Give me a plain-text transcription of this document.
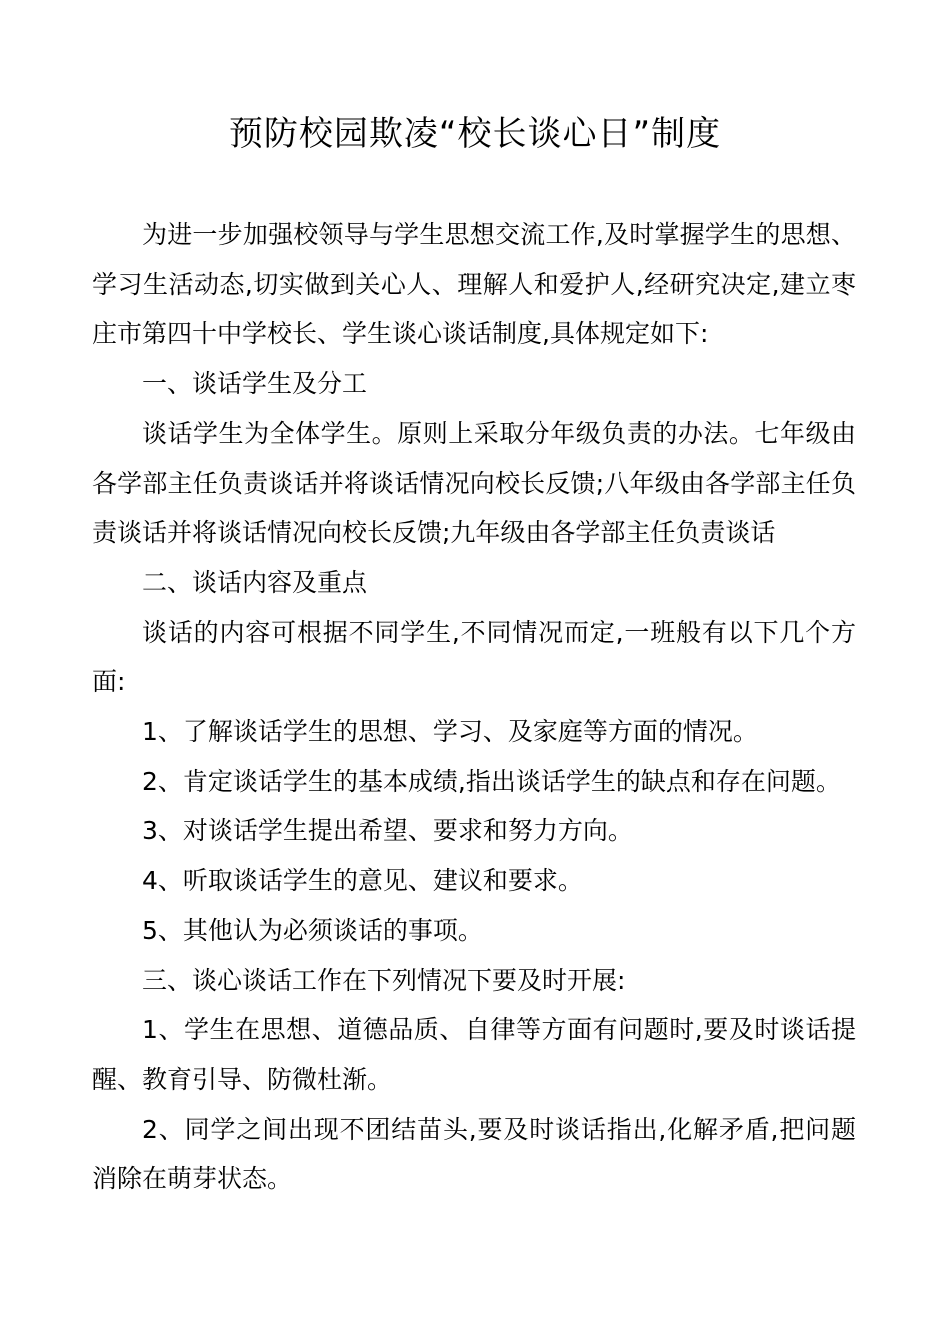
预防校园欺凌“校长谈心日”制度

为进一步加强校领导与学生思想交流工作,及时掌握学生的思想、学习生活动态,切实做到关心人、理解人和爱护人,经研究决定,建立枣庄市第四十中学校长、学生谈心谈话制度,具体规定如下:

一、谈话学生及分工

谈话学生为全体学生。原则上采取分年级负责的办法。七年级由各学部主任负责谈话并将谈话情况向校长反馈;八年级由各学部主任负责谈话并将谈话情况向校长反馈;九年级由各学部主任负责谈话

二、谈话内容及重点

谈话的内容可根据不同学生,不同情况而定,一班般有以下几个方面:

1、了解谈话学生的思想、学习、及家庭等方面的情况。

2、肯定谈话学生的基本成绩,指出谈话学生的缺点和存在问题。

3、对谈话学生提出希望、要求和努力方向。

4、听取谈话学生的意见、建议和要求。

5、其他认为必须谈话的事项。

三、谈心谈话工作在下列情况下要及时开展:

1、学生在思想、道德品质、自律等方面有问题时,要及时谈话提醒、教育引导、防微杜渐。

2、同学之间出现不团结苗头,要及时谈话指出,化解矛盾,把问题消除在萌芽状态。
